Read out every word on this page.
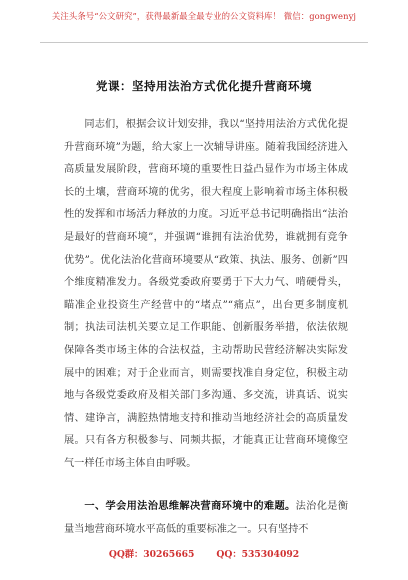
关注头条号“公文研究”，获得最新最全最专业的公文资料库！ 微信：gongwenyj
党课：坚持用法治方式优化提升营商环境

同志们，根据会议计划安排，我以“坚持用法治方式优化提升营商环境”为题，给大家上一次辅导讲座。随着我国经济进入高质量发展阶段，营商环境的重要性日益凸显作为市场主体成长的土壤，营商环境的优劣，很大程度上影响着市场主体积极性的发挥和市场活力释放的力度。习近平总书记明确指出“法治是最好的营商环境”，并强调“谁拥有法治优势，谁就拥有竞争优势”。优化法治化营商环境要从“政策、执法、服务、创新”四个维度精准发力。各级党委政府要勇于下大力气、啃硬骨头，瞄准企业投资生产经营中的“堵点”“痛点”，出台更多制度机制；执法司法机关要立足工作职能、创新服务举措，依法依规保障各类市场主体的合法权益，主动帮助民营经济解决实际发展中的困难；对于企业而言，则需要找准自身定位，积极主动地与各级党委政府及相关部门多沟通、多交流，讲真话、说实情、建诤言，满腔热情地支持和推动当地经济社会的高质量发展。只有各方积极参与、同频共振，才能真正让营商环境像空气一样任市场主体自由呼吸。

一、学会用法治思维解决营商环境中的难题。法治化是衡量当地营商环境水平高低的重要标准之一。只有坚持不

QQ群：30265665 QQ：535304092
